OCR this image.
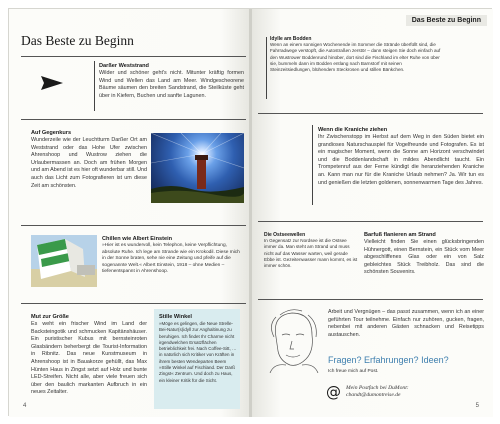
Das Beste zu Beginn
Darßer Weststrand
Wilder und schöner geht's nicht. Mitunter kräftig formen Wind und Wellen das Land am Meer. Windgescheorene Bäume säumen den breiten Sandstrand, die Steilküste geht über in Kiefern, Buchen und sanfte Lagunen.
Auf Gegenkurs
Wunderzeile wie der Leuchtturm Darßer Ort am Weststrand oder das Hohe Ufer zwischen Ahrenshoop und Wustrow ziehen die Urlaubermassen an. Doch am frühen Morgen und am Abend ist es hier oft wunderbar still. Und auch das Licht zum Fotografieren ist um diese Zeit am schönsten.
Chillen wie Albert Einstein
»Hier ist es wundervoll, kein Telephon, keine Verpflichtung, absolute Ruhe. Ich lege am Strande wie ein Krokodil. Diese mich in der Sonne braten, sehe nie eine Zeitung und pfeife auf die sogenannte Welt.« Albert Einstein, 1918 – ohne Medien – tiefenentspannt in Ahrenshoop.
Mut zur Größe
Es weht ein frischer Wind im Land der Backsteingotik und schmucken Kapitänshäuser. Ein puristischer Kubus mit bernsteinroten Glasbändern beherbergt die Tourist-Information in Ribnitz. Das neue Kunstmuseum in Ahrenshoop ist in Bauakorze gehüllt, das Max Hünten Haus in Zingst setzt auf Holz und bunte LED-Streifen. Nicht alle, aber viele freuen sich über den baulich markanten Aufbruch in ein neues Zeitalter.
Stille Winkel
»Möge es gelingen, die Neue Strelle-Bei-Natur(s)idyll zur Anghaltinung zu beruhigen. Ich findet Ihr Charme nicht irgendwelchen Ersatzflächen betrieblichkeit frei. Nach Coffee-Sitt, … in natürlich sich Kritiker von Kräften in ihrem besten Wendeparten Beem »Stille Winkel auf Fischland. Der Darß Zingst« Zentrum. Und doch zu Haus, ein kleiner Kritik für die Sicht.
4
Das Beste zu Beginn
Idylle am Bodden
Wenn an einem sonnigen Wochenende im Sommer die Strände überfüllt sind, die Fahrradwege verstopft, die Autostraßen zerstör – dann steigen Sie doch einfach auf den Wustrower Boddenrund hinüber, dort sind die Fischland im elter Ruhe von über sie, bummeln dann im Bodden entlang nach Barnstorf mit seinen Steinzeitsiedlungen, blühendem Steckrosen und stillen Bänkchen.
Wenn die Kraniche ziehen
Ihr Zwischenstopp im Herbst auf dem Weg in den Süden bietet ein grandioses Naturschauspiel für Vogelfreunde und Fotografen. Es ist ein magischer Moment, wenn die Sonne am Horizont verschwindet und die Boddenlandschaft in mildes Abendlicht taucht. Ein Trompetenruf aus der Ferne kündigt die heranziehenden Kraniche an. Kann man nur für die Kraniche Urlaub nehmen? Ja. Wir tun es und genießen die letzten goldenen, sonnenwarmen Tage des Jahres.
Die Ostseewellen
In Gegensatz zur Nordsee ist die Ostsee immer da. Man steht am Strand und muss nicht auf das Wasser warten, weil gerade Ebbe ist. Gezeitenwasser mann kommt, es ist immer schön.
Barfuß flanieren am Strand
Vielleicht finden Sie einen glücksbringenden Hühnergott, einen Bernstein, ein Stück vom Meer abgeschliffenes Glas oder ein von Salz gebleichtes Stück Treibholz. Das sind die schönsten Souvenirs.
Arbeit und Vergnügen – das passt zusammen, wenn ich an einer geführten Tour teilnehme. Einfach nur zuhören, gucken, fragen, nebenbei mit anderen Gästen schnacken und Reisetipps austauschen.
Fragen? Erfahrungen? Ideen?
Ich freue mich auf Post.
@ Mein Postfach bei DuMont:
cbandt@dumontreise.de
5
